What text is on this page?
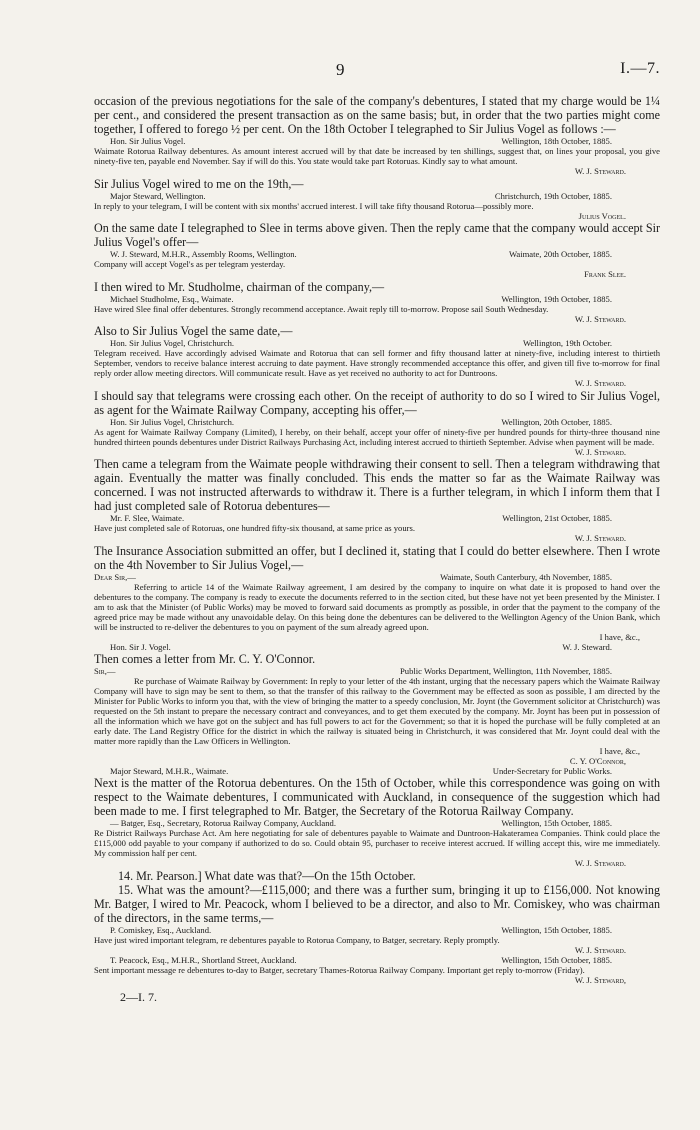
9	I.—7.

occasion of the previous negotiations for the sale of the company's debentures, I stated that my charge would be 1¼ per cent., and considered the present transaction as on the same basis; but, in order that the two parties might come together, I offered to forego ½ per cent. On the 18th October I telegraphed to Sir Julius Vogel as follows :—

Hon. Sir Julius Vogel.	Wellington, 18th October, 1885.

Waimate Rotorua Railway debentures. As amount interest accrued will by that date be increased by ten shillings, suggest that, on lines your proposal, you give ninety-five ten, payable end November. Say if will do this. You state would take part Rotoruas. Kindly say to what amount.

W. J. Steward.

Sir Julius Vogel wired to me on the 19th,—

Major Steward, Wellington.	Christchurch, 19th October, 1885.

In reply to your telegram, I will be content with six months' accrued interest. I will take fifty thousand Rotorua—possibly more.

Julius Vogel.

On the same date I telegraphed to Slee in terms above given. Then the reply came that the company would accept Sir Julius Vogel's offer—

W. J. Steward, M.H.R., Assembly Rooms, Wellington.	Waimate, 20th October, 1885.

Company will accept Vogel's as per telegram yesterday.

Frank Slee.

I then wired to Mr. Studholme, chairman of the company,—

Michael Studholme, Esq., Waimate.	Wellington, 19th October, 1885.

Have wired Slee final offer debentures. Strongly recommend acceptance. Await reply till to-morrow. Propose sail South Wednesday.

W. J. Steward.

Also to Sir Julius Vogel the same date,—

Hon. Sir Julius Vogel, Christchurch.	Wellington, 19th October.

Telegram received. Have accordingly advised Waimate and Rotorua that can sell former and fifty thousand latter at ninety-five, including interest to thirtieth September, vendors to receive balance interest accruing to date payment. Have strongly recommended acceptance this offer, and given till five to-morrow for final reply order allow meeting directors. Will communicate result. Have as yet received no authority to act for Duntroons.

W. J. Steward.

I should say that telegrams were crossing each other. On the receipt of authority to do so I wired to Sir Julius Vogel, as agent for the Waimate Railway Company, accepting his offer,—

Hon. Sir Julius Vogel, Christchurch.	Wellington, 20th October, 1885.

As agent for Waimate Railway Company (Limited), I hereby, on their behalf, accept your offer of ninety-five per hundred pounds for thirty-three thousand nine hundred thirteen pounds debentures under District Railways Purchasing Act, including interest accrued to thirtieth September. Advise when payment will be made.

W. J. Steward.

Then came a telegram from the Waimate people withdrawing their consent to sell. Then a telegram withdrawing that again. Eventually the matter was finally concluded. This ends the matter so far as the Waimate Railway was concerned. I was not instructed afterwards to withdraw it. There is a further telegram, in which I inform them that I had just completed sale of Rotorua debentures—

Mr. F. Slee, Waimate.	Wellington, 21st October, 1885.

Have just completed sale of Rotoruas, one hundred fifty-six thousand, at same price as yours.

W. J. Steward.

The Insurance Association submitted an offer, but I declined it, stating that I could do better elsewhere. Then I wrote on the 4th November to Sir Julius Vogel,—

Dear Sir,—	Waimate, South Canterbury, 4th November, 1885.

Referring to article 14 of the Waimate Railway agreement, I am desired by the company to inquire on what date it is proposed to hand over the debentures to the company. The company is ready to execute the documents referred to in the section cited, but these have not yet been presented by the Minister. I am to ask that the Minister (of Public Works) may be moved to forward said documents as promptly as possible, in order that the payment to the company of the agreed price may be made without any unavoidable delay. On this being done the debentures can be delivered to the Wellington Agency of the Union Bank, which will be instructed to re-deliver the debentures to you on payment of the sum already agreed upon.

I have, &c.,
Hon. Sir J. Vogel.	W. J. Steward.

Then comes a letter from Mr. C. Y. O'Connor.

Sir,—	Public Works Department, Wellington, 11th November, 1885.

Re purchase of Waimate Railway by Government: In reply to your letter of the 4th instant, urging that the necessary papers which the Waimate Railway Company will have to sign may be sent to them, so that the transfer of this railway to the Government may be effected as soon as possible, I am directed by the Minister for Public Works to inform you that, with the view of bringing the matter to a speedy conclusion, Mr. Joynt (the Government solicitor at Christchurch) was requested on the 5th instant to prepare the necessary contract and conveyances, and to get them executed by the company. Mr. Joynt has been put in possession of all the information which we have got on the subject and has full powers to act for the Government; so that it is hoped the purchase will be fully completed at an early date. The Land Registry Office for the district in which the railway is situated being in Christchurch, it was considered that Mr. Joynt could deal with the matter more rapidly than the Law Officers in Wellington.

I have, &c.,
C. Y. O'Connor,
Major Steward, M.H.R., Waimate.	Under-Secretary for Public Works.

Next is the matter of the Rotorua debentures. On the 15th of October, while this correspondence was going on with respect to the Waimate debentures, I communicated with Auckland, in consequence of the suggestion which had been made to me. I first telegraphed to Mr. Batger, the Secretary of the Rotorua Railway Company.

— Batger, Esq., Secretary, Rotorua Railway Company, Auckland.	Wellington, 15th October, 1885.

Re District Railways Purchase Act. Am here negotiating for sale of debentures payable to Waimate and Duntroon-Hakateramea Companies. Think could place the £115,000 odd payable to your company if authorized to do so. Could obtain 95, purchaser to receive interest accrued. If willing accept this, wire me immediately. My commission half per cent.

W. J. Steward.

14. Mr. Pearson.] What date was that?—On the 15th October.

15. What was the amount?—£115,000; and there was a further sum, bringing it up to £156,000. Not knowing Mr. Batger, I wired to Mr. Peacock, whom I believed to be a director, and also to Mr. Comiskey, who was chairman of the directors, in the same terms,—

P. Comiskey, Esq., Auckland.	Wellington, 15th October, 1885.

Have just wired important telegram, re debentures payable to Rotorua Company, to Batger, secretary. Reply promptly.

W. J. Steward.
T. Peacock, Esq., M.H.R., Shortland Street, Auckland.	Wellington, 15th October, 1885.

Sent important message re debentures to-day to Batger, secretary Thames-Rotorua Railway Company. Important get reply to-morrow (Friday).

W. J. Steward,
2—I. 7.
